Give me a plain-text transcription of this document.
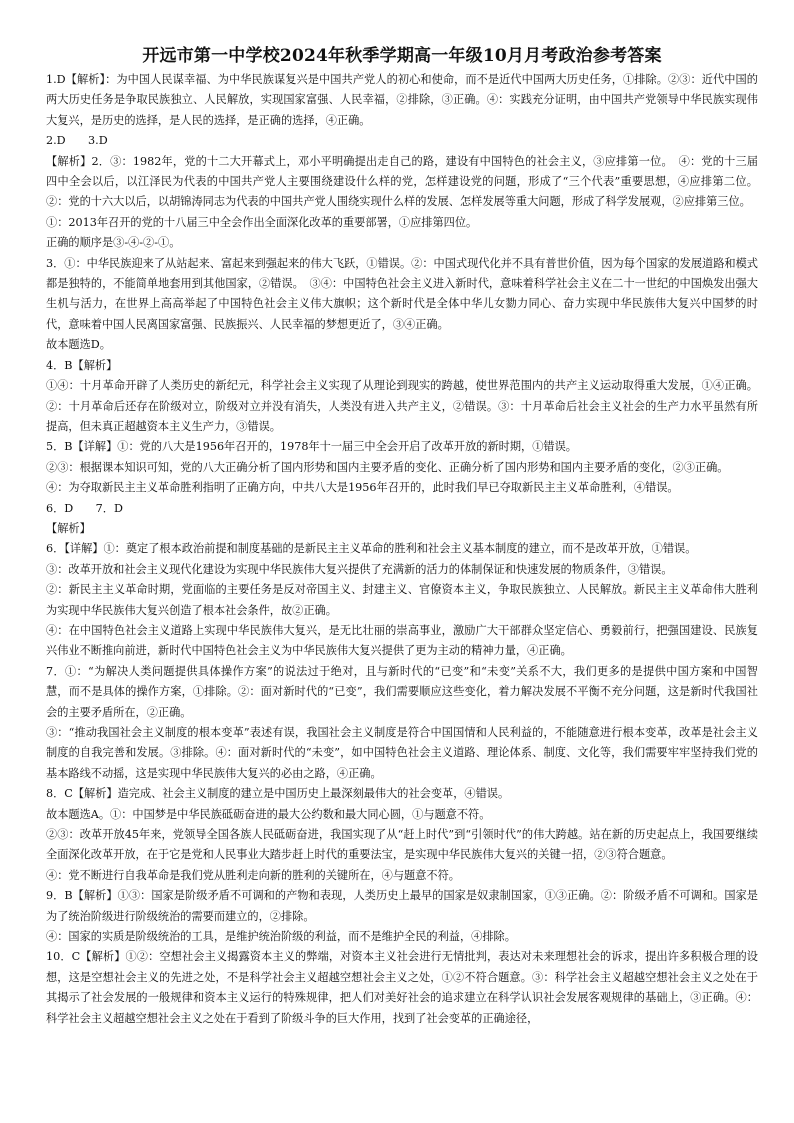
开远市第一中学校2024年秋季学期高一年级10月月考政治参考答案

1.D【解析】：为中国人民谋幸福、为中华民族谋复兴是中国共产党人的初心和使命，而不是近代中国两大历史任务，①排除。②③：近代中国的两大历史任务是争取民族独立、人民解放，实现国家富强、人民幸福，②排除，③正确。④：实践充分证明，由中国共产党领导中华民族实现伟大复兴，是历史的选择，是人民的选择，是正确的选择，④正确。

2.D　　3.D

【解析】2．③：1982年，党的十二大开幕式上，邓小平明确提出走自己的路，建设有中国特色的社会主义，③应排第一位。　④：党的十三届四中全会以后，以江泽民为代表的中国共产党人主要围绕建设什么样的党，怎样建设党的问题，形成了“三个代表”重要思想，④应排第二位。②：党的十六大以后，以胡锦涛同志为代表的中国共产党人围绕实现什么样的发展、怎样发展等重大问题，形成了科学发展观，②应排第三位。

①：2013年召开的党的十八届三中全会作出全面深化改革的重要部署，①应排第四位。

正确的顺序是③-④-②-①。

3．①：中华民族迎来了从站起来、富起来到强起来的伟大飞跃，①错误。②：中国式现代化并不具有普世价值，因为每个国家的发展道路和模式都是独特的，不能简单地套用到其他国家，②错误。　③④：中国特色社会主义进入新时代，意味着科学社会主义在二十一世纪的中国焕发出强大生机与活力，在世界上高高举起了中国特色社会主义伟大旗帜；这个新时代是全体中华儿女勠力同心、奋力实现中华民族伟大复兴中国梦的时代，意味着中国人民离国家富强、民族振兴、人民幸福的梦想更近了，③④正确。

故本题选D。

4．B【解析】

①④：十月革命开辟了人类历史的新纪元，科学社会主义实现了从理论到现实的跨越，使世界范围内的共产主义运动取得重大发展，①④正确。②：十月革命后还存在阶级对立，阶级对立并没有消失，人类没有进入共产主义，②错误。③：十月革命后社会主义社会的生产力水平虽然有所提高，但未真正超越资本主义生产力，③错误。

5．B【详解】①：党的八大是1956年召开的，1978年十一届三中全会开启了改革开放的新时期，①错误。

②③：根据课本知识可知，党的八大正确分析了国内形势和国内主要矛盾的变化、正确分析了国内形势和国内主要矛盾的变化，②③正确。

④：为夺取新民主主义革命胜利指明了正确方向，中共八大是1956年召开的，此时我们早已夺取新民主主义革命胜利，④错误。

6．D　　7．D

【解析】

6．【详解】①：奠定了根本政治前提和制度基础的是新民主主义革命的胜利和社会主义基本制度的建立，而不是改革开放，①错误。

③：改革开放和社会主义现代化建设为实现中华民族伟大复兴提供了充满新的活力的体制保证和快速发展的物质条件，③错误。

②：新民主主义革命时期，党面临的主要任务是反对帝国主义、封建主义、官僚资本主义，争取民族独立、人民解放。新民主主义革命伟大胜利为实现中华民族伟大复兴创造了根本社会条件，故②正确。

④：在中国特色社会主义道路上实现中华民族伟大复兴，是无比壮丽的崇高事业，激励广大干部群众坚定信心、勇毅前行，把强国建设、民族复兴伟业不断推向前进，新时代中国特色社会主义为中华民族伟大复兴提供了更为主动的精神力量，④正确。

7．①：“为解决人类问题提供具体操作方案”的说法过于绝对，且与新时代的“已变”和“未变”关系不大，我们更多的是提供中国方案和中国智慧，而不是具体的操作方案，①排除。②：面对新时代的“已变”，我们需要顺应这些变化，着力解决发展不平衡不充分问题，这是新时代我国社会的主要矛盾所在，②正确。

③：“推动我国社会主义制度的根本变革”表述有误，我国社会主义制度是符合中国国情和人民利益的，不能随意进行根本变革，改革是社会主义制度的自我完善和发展。③排除。④：面对新时代的“未变”，如中国特色社会主义道路、理论体系、制度、文化等，我们需要牢牢坚持我们党的基本路线不动摇，这是实现中华民族伟大复兴的必由之路，④正确。

8．C【解析】造完成、社会主义制度的建立是中国历史上最深刻最伟大的社会变革，④错误。

故本题选A。①：中国梦是中华民族砥砺奋进的最大公约数和最大同心圆，①与题意不符。

②③：改革开放45年来，党领导全国各族人民砥砺奋进，我国实现了从“赶上时代”到“引领时代”的伟大跨越。站在新的历史起点上，我国要继续全面深化改革开放，在于它是党和人民事业大踏步赶上时代的重要法宝，是实现中华民族伟大复兴的关键一招，②③符合题意。

④：党不断进行自我革命是我们党从胜利走向新的胜利的关键所在，④与题意不符。

9．B【解析】①③：国家是阶级矛盾不可调和的产物和表现，人类历史上最早的国家是奴隶制国家，①③正确。②：阶级矛盾不可调和。国家是为了统治阶级进行阶级统治的需要而建立的，②排除。

④：国家的实质是阶级统治的工具，是维护统治阶级的利益，而不是维护全民的利益，④排除。

10．C【解析】①②：空想社会主义揭露资本主义的弊端，对资本主义社会进行无情批判，表达对未来理想社会的诉求，提出许多积极合理的设想，这是空想社会主义的先进之处，不是科学社会主义超越空想社会主义之处，①②不符合题意。③：科学社会主义超越空想社会主义之处在于其揭示了社会发展的一般规律和资本主义运行的特殊规律，把人们对美好社会的追求建立在科学认识社会发展客观规律的基础上，③正确。④：科学社会主义超越空想社会主义之处在于看到了阶级斗争的巨大作用，找到了社会变革的正确途径，
